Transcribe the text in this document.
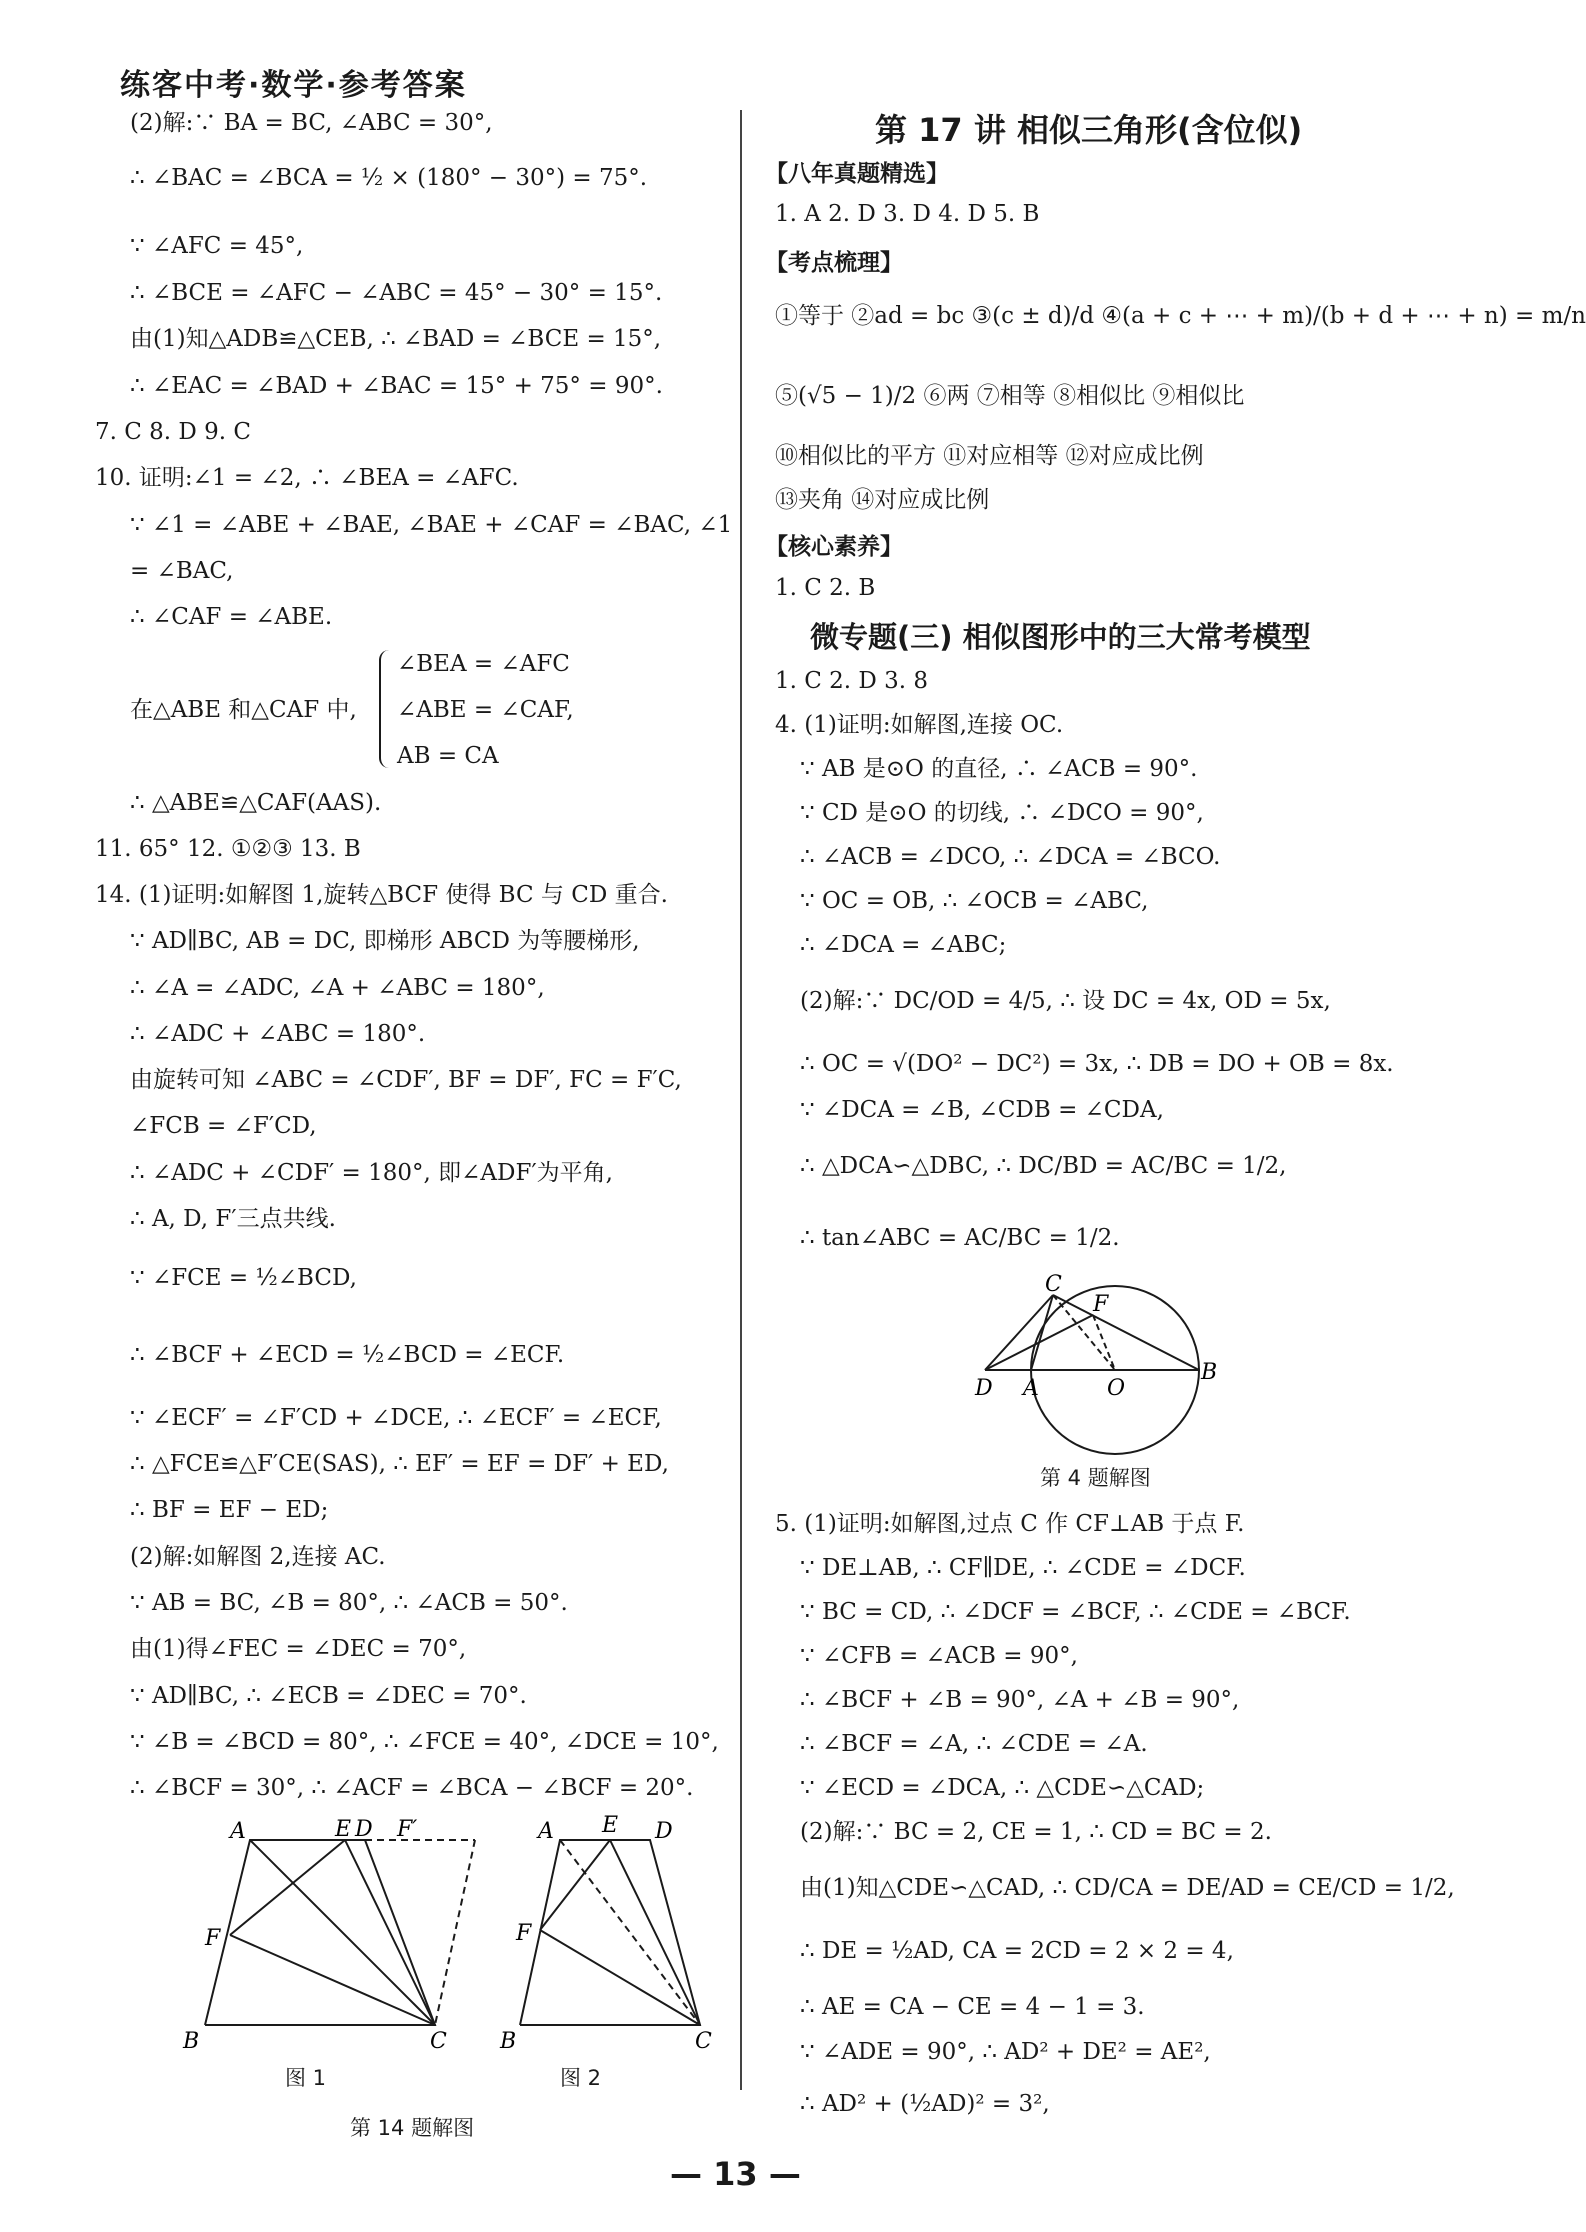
练客中考·数学·参考答案
(2)解:∵ BA = BC, ∠ABC = 30°,
∴ ∠BAC = ∠BCA = ½ × (180° − 30°) = 75°.
∵ ∠AFC = 45°,
∴ ∠BCE = ∠AFC − ∠ABC = 45° − 30° = 15°.
由(1)知△ADB≌△CEB, ∴ ∠BAD = ∠BCE = 15°,
∴ ∠EAC = ∠BAD + ∠BAC = 15° + 75° = 90°.
7. C 8. D 9. C
10. 证明:∠1 = ∠2, ∴ ∠BEA = ∠AFC.
∵ ∠1 = ∠ABE + ∠BAE, ∠BAE + ∠CAF = ∠BAC, ∠1
= ∠BAC,
∴ ∠CAF = ∠ABE.
在△ABE 和△CAF 中,
∠BEA = ∠AFC
∠ABE = ∠CAF,
AB = CA
∴ △ABE≌△CAF(AAS).
11. 65° 12. ①②③ 13. B
14. (1)证明:如解图 1,旋转△BCF 使得 BC 与 CD 重合.
∵ AD∥BC, AB = DC, 即梯形 ABCD 为等腰梯形,
∴ ∠A = ∠ADC, ∠A + ∠ABC = 180°,
∴ ∠ADC + ∠ABC = 180°.
由旋转可知 ∠ABC = ∠CDF′, BF = DF′, FC = F′C,
∠FCB = ∠F′CD,
∴ ∠ADC + ∠CDF′ = 180°, 即∠ADF′为平角,
∴ A, D, F′三点共线.
∵ ∠FCE = ½∠BCD,
∴ ∠BCF + ∠ECD = ½∠BCD = ∠ECF.
∵ ∠ECF′ = ∠F′CD + ∠DCE, ∴ ∠ECF′ = ∠ECF,
∴ △FCE≌△F′CE(SAS), ∴ EF′ = EF = DF′ + ED,
∴ BF = EF − ED;
(2)解:如解图 2,连接 AC.
∵ AB = BC, ∠B = 80°, ∴ ∠ACB = 50°.
由(1)得∠FEC = ∠DEC = 70°,
∵ AD∥BC, ∴ ∠ECB = ∠DEC = 70°.
∵ ∠B = ∠BCD = 80°, ∴ ∠FCE = 40°, ∠DCE = 10°,
∴ ∠BCF = 30°, ∴ ∠ACF = ∠BCA − ∠BCF = 20°.
A	E D F′
F
B	C
A E D
F
B	C
图 1	图 2
第 14 题解图
第 17 讲 相似三角形(含位似)
【八年真题精选】
1. A 2. D 3. D 4. D 5. B
【考点梳理】
①等于 ②ad = bc ③(c ± d)/d ④(a + c + ⋯ + m)/(b + d + ⋯ + n) = m/n
⑤(√5 − 1)/2 ⑥两 ⑦相等 ⑧相似比 ⑨相似比
⑩相似比的平方 ⑪对应相等 ⑫对应成比例
⑬夹角 ⑭对应成比例
【核心素养】
1. C 2. B
微专题(三) 相似图形中的三大常考模型
1. C 2. D 3. 8
4. (1)证明:如解图,连接 OC.
∵ AB 是⊙O 的直径, ∴ ∠ACB = 90°.
∵ CD 是⊙O 的切线, ∴ ∠DCO = 90°,
∴ ∠ACB = ∠DCO, ∴ ∠DCA = ∠BCO.
∵ OC = OB, ∴ ∠OCB = ∠ABC,
∴ ∠DCA = ∠ABC;
(2)解:∵ DC/OD = 4/5, ∴ 设 DC = 4x, OD = 5x,
∴ OC = √(DO² − DC²) = 3x, ∴ DB = DO + OB = 8x.
∵ ∠DCA = ∠B, ∠CDB = ∠CDA,
∴ △DCA∽△DBC, ∴ DC/BD = AC/BC = 1/2,
∴ tan∠ABC = AC/BC = 1/2.
C
F
D A	O
B
第 4 题解图
5. (1)证明:如解图,过点 C 作 CF⊥AB 于点 F.
∵ DE⊥AB, ∴ CF∥DE, ∴ ∠CDE = ∠DCF.
∵ BC = CD, ∴ ∠DCF = ∠BCF, ∴ ∠CDE = ∠BCF.
∵ ∠CFB = ∠ACB = 90°,
∴ ∠BCF + ∠B = 90°, ∠A + ∠B = 90°,
∴ ∠BCF = ∠A, ∴ ∠CDE = ∠A.
∵ ∠ECD = ∠DCA, ∴ △CDE∽△CAD;
(2)解:∵ BC = 2, CE = 1, ∴ CD = BC = 2.
由(1)知△CDE∽△CAD, ∴ CD/CA = DE/AD = CE/CD = 1/2,
∴ DE = ½AD, CA = 2CD = 2 × 2 = 4,
∴ AE = CA − CE = 4 − 1 = 3.
∵ ∠ADE = 90°, ∴ AD² + DE² = AE²,
∴ AD² + (½AD)² = 3²,
— 13 —
